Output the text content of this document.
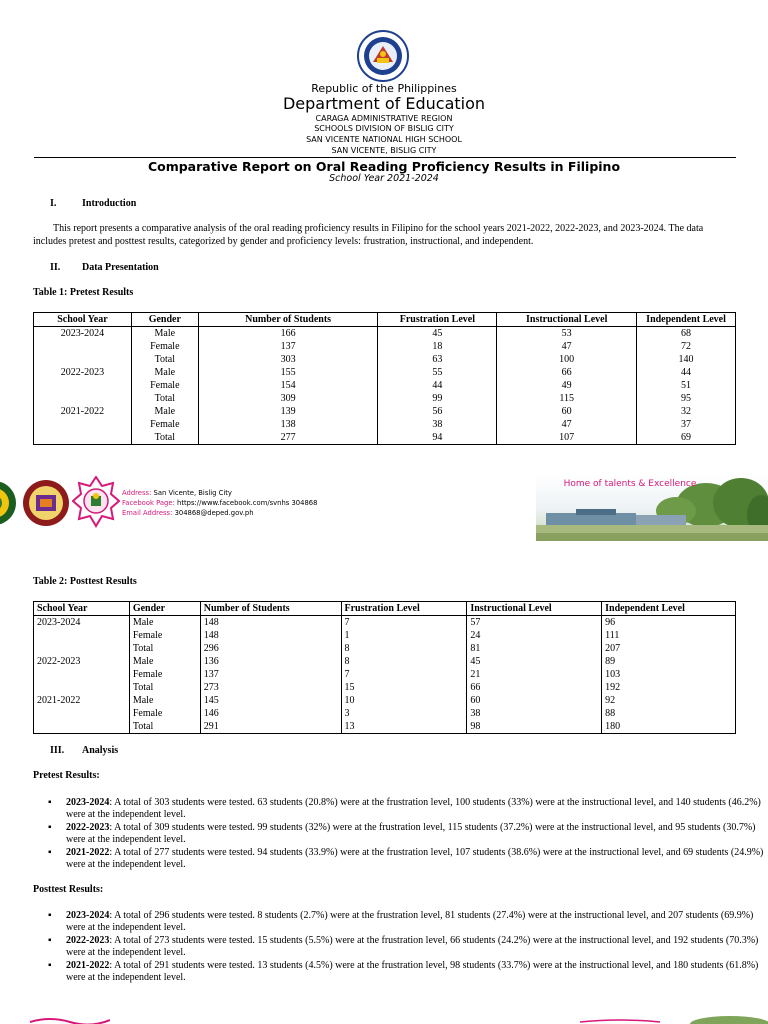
Republic of the Philippines
Department of Education
CARAGA ADMINISTRATIVE REGION
SCHOOLS DIVISION OF BISLIG CITY
SAN VICENTE NATIONAL HIGH SCHOOL
SAN VICENTE, BISLIG CITY
Comparative Report on Oral Reading Proficiency Results in Filipino
School Year 2021-2024
I.	Introduction
This report presents a comparative analysis of the oral reading proficiency results in Filipino for the school years 2021-2022, 2022-2023, and 2023-2024. The data includes pretest and posttest results, categorized by gender and proficiency levels: frustration, instructional, and independent.
II. Data Presentation
Table 1: Pretest Results
School Year	Gender	Number of Students	Frustration Level	Instructional Level	Independent Level
2023-2024	Male	166	45	53	68
	Female	137	18	47	72
	Total	303	63	100	140
2022-2023	Male	155	55	66	44
	Female	154	44	49	51
	Total	309	99	115	95
2021-2022	Male	139	56	60	32
	Female	138	38	47	37
	Total	277	94	107	69
Address: San Vicente, Bislig City
Facebook Page: https://www.facebook.com/svnhs 304868
Email Address: 304868@deped.gov.ph
Home of talents & Excellence
Table 2: Posttest Results
School Year	Gender	Number of Students	Frustration Level	Instructional Level	Independent Level
2023-2024	Male	148	7	57	96
	Female	148	1	24	111
	Total	296	8	81	207
2022-2023	Male	136	8	45	89
	Female	137	7	21	103
	Total	273	15	66	192
2021-2022	Male	145	10	60	92
	Female	146	3	38	88
	Total	291	13	98	180
III. Analysis
Pretest Results:
▪ 2023-2024: A total of 303 students were tested. 63 students (20.8%) were at the frustration level, 100 students (33%) were at the instructional level, and 140 students (46.2%) were at the independent level.
▪ 2022-2023: A total of 309 students were tested. 99 students (32%) were at the frustration level, 115 students (37.2%) were at the instructional level, and 95 students (30.7%) were at the independent level.
▪ 2021-2022: A total of 277 students were tested. 94 students (33.9%) were at the frustration level, 107 students (38.6%) were at the instructional level, and 69 students (24.9%) were at the independent level.
Posttest Results:
▪ 2023-2024: A total of 296 students were tested. 8 students (2.7%) were at the frustration level, 81 students (27.4%) were at the instructional level, and 207 students (69.9%) were at the independent level.
▪ 2022-2023: A total of 273 students were tested. 15 students (5.5%) were at the frustration level, 66 students (24.2%) were at the instructional level, and 192 students (70.3%) were at the independent level.
▪ 2021-2022: A total of 291 students were tested. 13 students (4.5%) were at the frustration level, 98 students (33.7%) were at the instructional level, and 180 students (61.8%) were at the independent level.
